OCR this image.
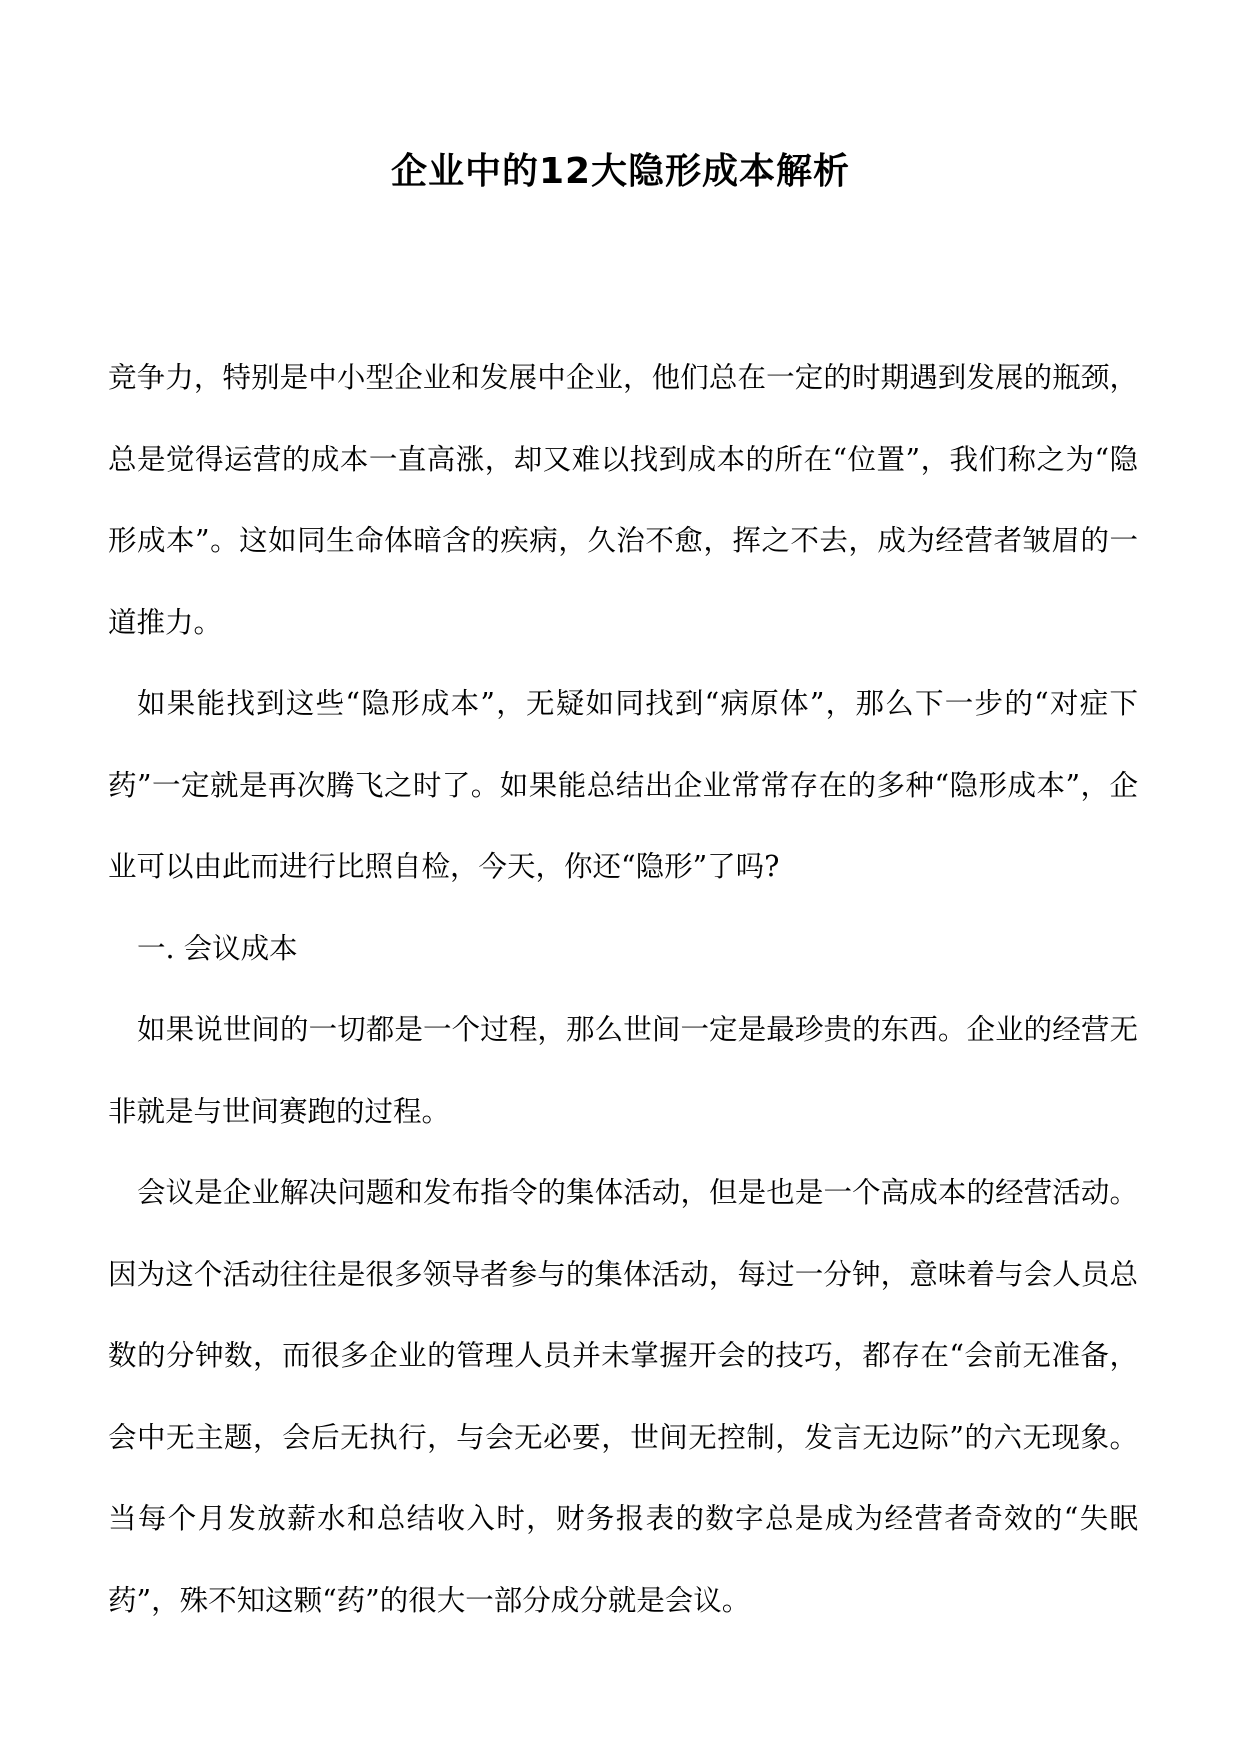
企业中的12大隐形成本解析

竞争力，特别是中小型企业和发展中企业，他们总在一定的时期遇到发展的瓶颈，总是觉得运营的成本一直高涨，却又难以找到成本的所在“位置”，我们称之为“隐形成本”。这如同生命体暗含的疾病，久治不愈，挥之不去，成为经营者皱眉的一道推力。

如果能找到这些“隐形成本”，无疑如同找到“病原体”，那么下一步的“对症下药”一定就是再次腾飞之时了。如果能总结出企业常常存在的多种“隐形成本”，企业可以由此而进行比照自检，今天，你还“隐形”了吗?

一. 会议成本

如果说世间的一切都是一个过程，那么世间一定是最珍贵的东西。企业的经营无非就是与世间赛跑的过程。

会议是企业解决问题和发布指令的集体活动，但是也是一个高成本的经营活动。因为这个活动往往是很多领导者参与的集体活动，每过一分钟，意味着与会人员总数的分钟数，而很多企业的管理人员并未掌握开会的技巧，都存在“会前无准备，会中无主题，会后无执行，与会无必要，世间无控制，发言无边际”的六无现象。当每个月发放薪水和总结收入时，财务报表的数字总是成为经营者奇效的“失眠药”，殊不知这颗“药”的很大一部分成分就是会议。
